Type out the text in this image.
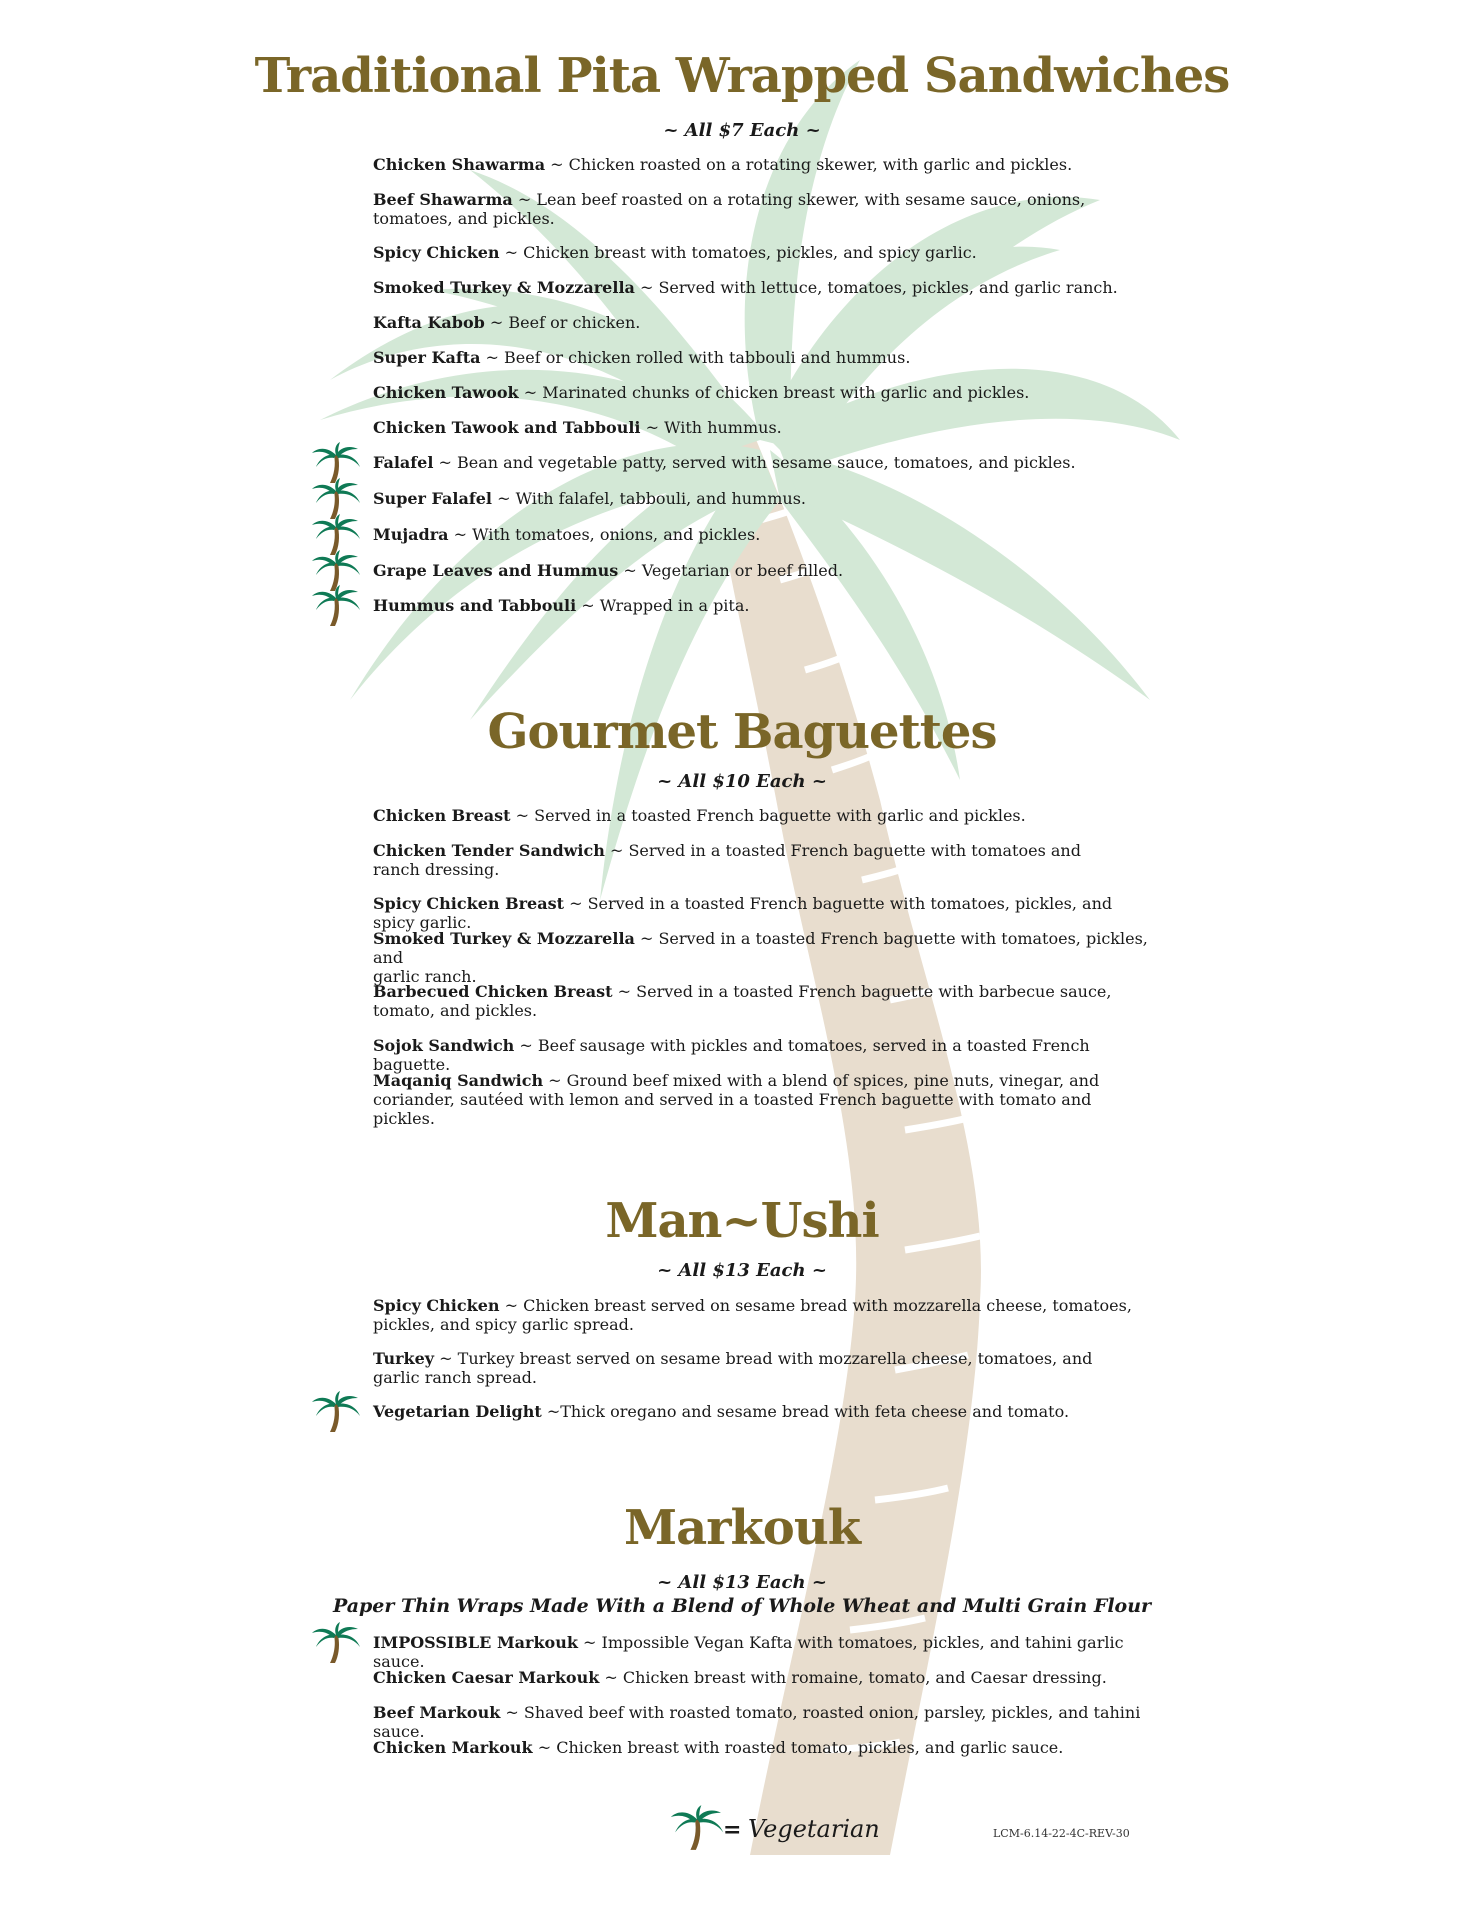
Traditional Pita Wrapped Sandwiches
~ All $7 Each ~
Chicken Shawarma ~ Chicken roasted on a rotating skewer, with garlic and pickles.
Beef Shawarma ~ Lean beef roasted on a rotating skewer, with sesame sauce, onions,
tomatoes, and pickles.
Spicy Chicken ~ Chicken breast with tomatoes, pickles, and spicy garlic.
Smoked Turkey & Mozzarella ~ Served with lettuce, tomatoes, pickles, and garlic ranch.
Kafta Kabob ~ Beef or chicken.
Super Kafta ~ Beef or chicken rolled with tabbouli and hummus.
Chicken Tawook ~ Marinated chunks of chicken breast with garlic and pickles.
Chicken Tawook and Tabbouli ~ With hummus.
Falafel ~ Bean and vegetable patty, served with sesame sauce, tomatoes, and pickles.
Super Falafel ~ With falafel, tabbouli, and hummus.
Mujadra ~ With tomatoes, onions, and pickles.
Grape Leaves and Hummus ~ Vegetarian or beef filled.
Hummus and Tabbouli ~ Wrapped in a pita.
Gourmet Baguettes
~ All $10 Each ~
Chicken Breast ~ Served in a toasted French baguette with garlic and pickles.
Chicken Tender Sandwich ~ Served in a toasted French baguette with tomatoes and
ranch dressing.
Spicy Chicken Breast ~ Served in a toasted French baguette with tomatoes, pickles, and spicy garlic.
Smoked Turkey & Mozzarella ~ Served in a toasted French baguette with tomatoes, pickles, and
garlic ranch.
Barbecued Chicken Breast ~ Served in a toasted French baguette with barbecue sauce,
tomato, and pickles.
Sojok Sandwich ~ Beef sausage with pickles and tomatoes, served in a toasted French baguette.
Maqaniq Sandwich ~ Ground beef mixed with a blend of spices, pine nuts, vinegar, and
coriander, sautéed with lemon and served in a toasted French baguette with tomato and pickles.
Man~Ushi
~ All $13 Each ~
Spicy Chicken ~ Chicken breast served on sesame bread with mozzarella cheese, tomatoes,
pickles, and spicy garlic spread.
Turkey ~ Turkey breast served on sesame bread with mozzarella cheese, tomatoes, and
garlic ranch spread.
Vegetarian Delight ~Thick oregano and sesame bread with feta cheese and tomato.
Markouk
~ All $13 Each ~
Paper Thin Wraps Made With a Blend of Whole Wheat and Multi Grain Flour
IMPOSSIBLE Markouk ~ Impossible Vegan Kafta with tomatoes, pickles, and tahini garlic sauce.
Chicken Caesar Markouk ~ Chicken breast with romaine, tomato, and Caesar dressing.
Beef Markouk ~ Shaved beef with roasted tomato, roasted onion, parsley, pickles, and tahini sauce.
Chicken Markouk ~ Chicken breast with roasted tomato, pickles, and garlic sauce.
= Vegetarian	LCM-6.14-22-4C-REV-30
